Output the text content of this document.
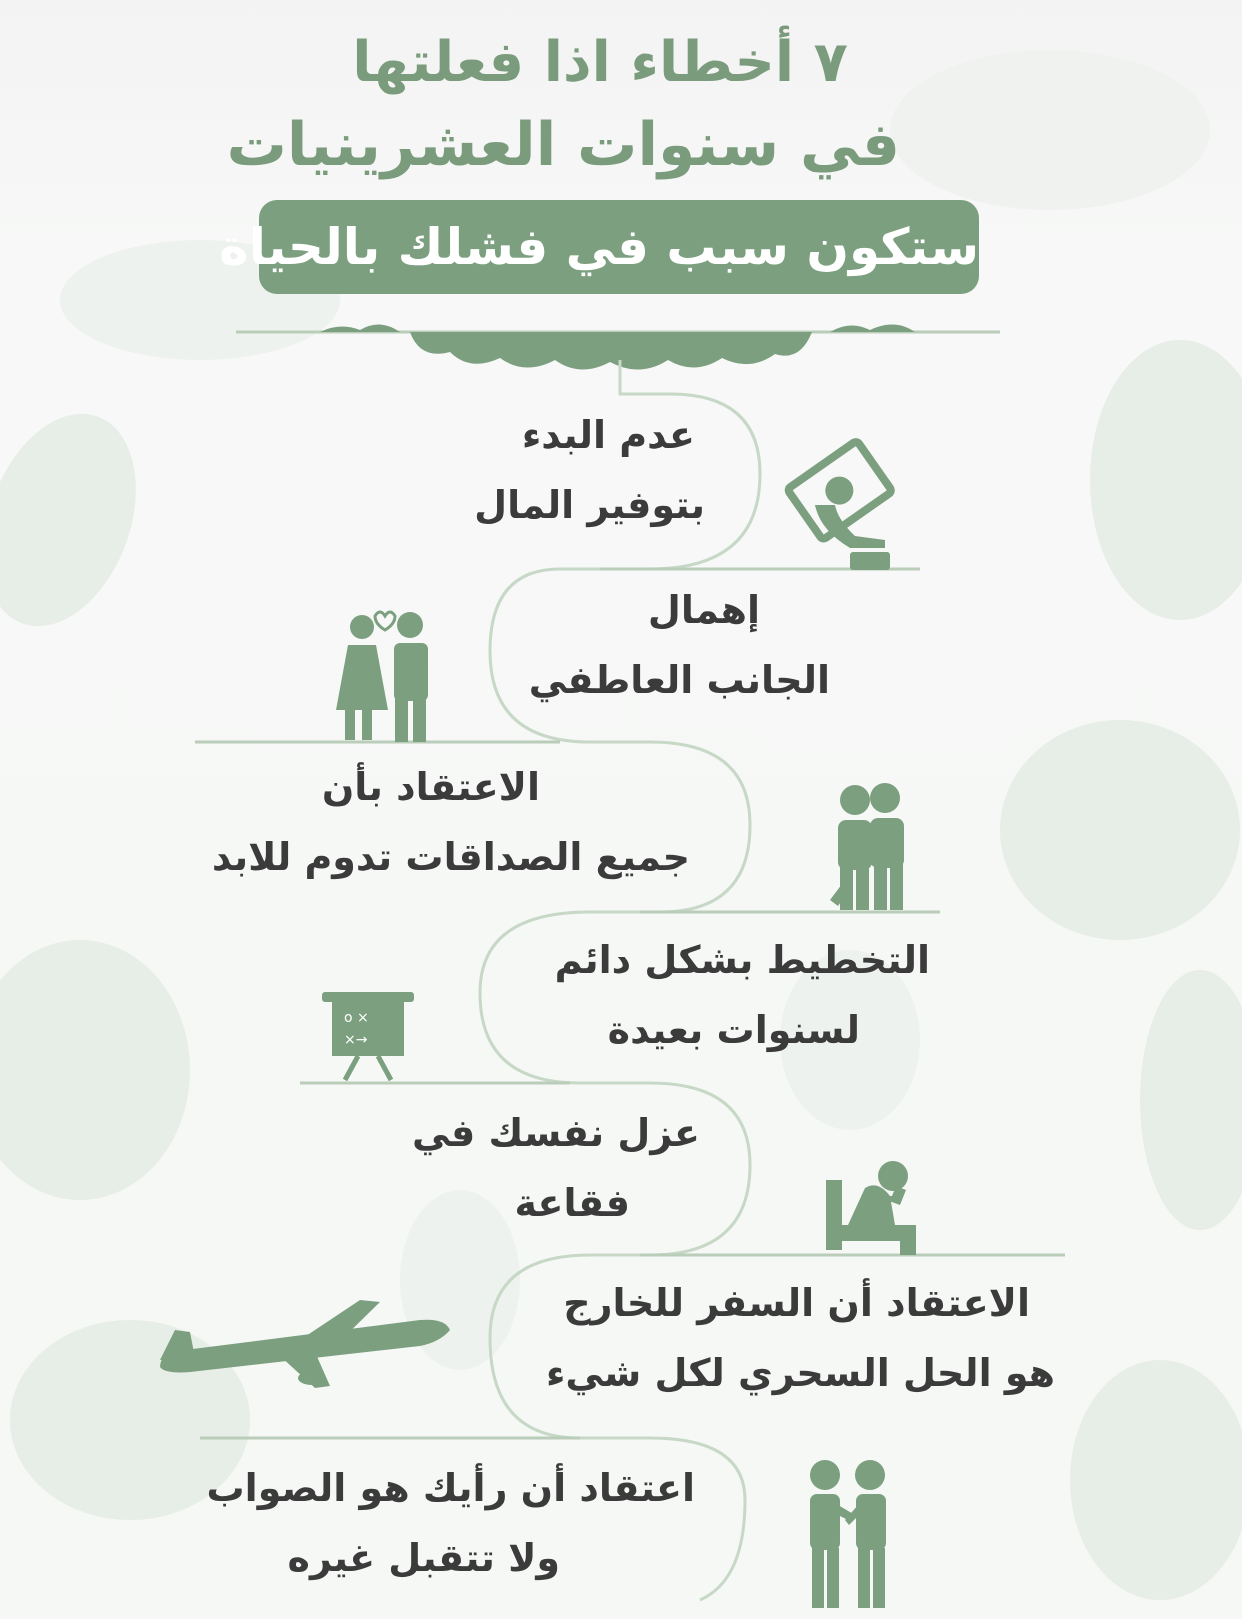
٧ أخطاء اذا فعلتها
في سنوات العشرينيات
ستكون سبب في فشلك بالحياة
o ×
×→
عدم البدء
بتوفير المال
إهمال
الجانب العاطفي
الاعتقاد بأن
جميع الصداقات تدوم للابد
التخطيط بشكل دائم
لسنوات بعيدة
عزل نفسك في
فقاعة
الاعتقاد أن السفر للخارج
هو الحل السحري لكل شيء
اعتقاد أن رأيك هو الصواب
ولا تتقبل غيره
